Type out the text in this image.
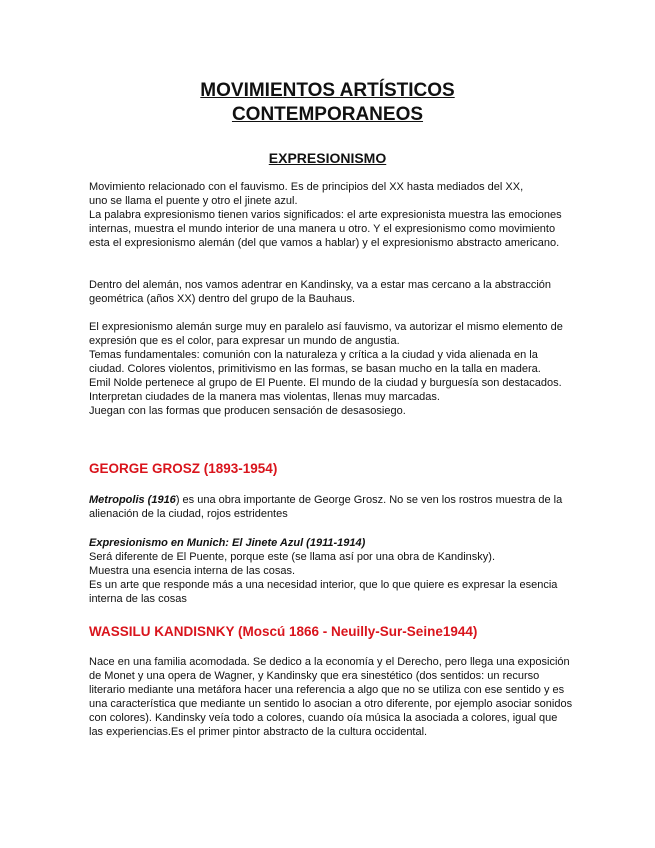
MOVIMIENTOS ARTÍSTICOS
CONTEMPORANEOS
EXPRESIONISMO

Movimiento relacionado con el fauvismo. Es de principios del XX hasta mediados del XX,

uno se llama el puente y otro el jinete azul.

La palabra expresionismo tienen varios significados: el arte expresionista muestra las emociones internas, muestra el mundo interior de una manera u otro. Y el expresionismo como movimiento esta el expresionismo alemán (del que vamos a hablar) y el expresionismo abstracto americano.

Dentro del alemán, nos vamos adentrar en Kandinsky, va a estar mas cercano a la abstracción geométrica (años XX) dentro del grupo de la Bauhaus.

El expresionismo alemán surge muy en paralelo así fauvismo, va autorizar el mismo elemento de expresión que es el color, para expresar un mundo de angustia.

Temas fundamentales: comunión con la naturaleza y crítica a la ciudad y vida alienada en la ciudad. Colores violentos, primitivismo en las formas, se basan mucho en la talla en madera.

Emil Nolde pertenece al grupo de El Puente. El mundo de la ciudad y burguesía son destacados.

Interpretan ciudades de la manera mas violentas, llenas muy marcadas.

Juegan con las formas que producen sensación de desasosiego.

GEORGE GROSZ (1893-1954)

Metropolis (1916) es una obra importante de George Grosz. No se ven los rostros muestra de la alienación de la ciudad, rojos estridentes

Expresionismo en Munich: El Jinete Azul (1911-1914)

Será diferente de El Puente, porque este (se llama así por una obra de Kandinsky).

Muestra una esencia interna de las cosas.

Es un arte que responde más a una necesidad interior, que lo que quiere es expresar la esencia interna de las cosas

WASSILU KANDISNKY (Moscú 1866 - Neuilly-Sur-Seine1944)

Nace en una familia acomodada. Se dedico a la economía y el Derecho, pero llega una exposición de Monet y una opera de Wagner, y Kandinsky que era sinestético (dos sentidos: un recurso literario mediante una metáfora hacer una referencia a algo que no se utiliza con ese sentido y es una característica que mediante un sentido lo asocian a otro diferente, por ejemplo asociar sonidos con colores). Kandinsky veía todo a colores, cuando oía música la asociada a colores, igual que las experiencias.Es el primer pintor abstracto de la cultura occidental.
